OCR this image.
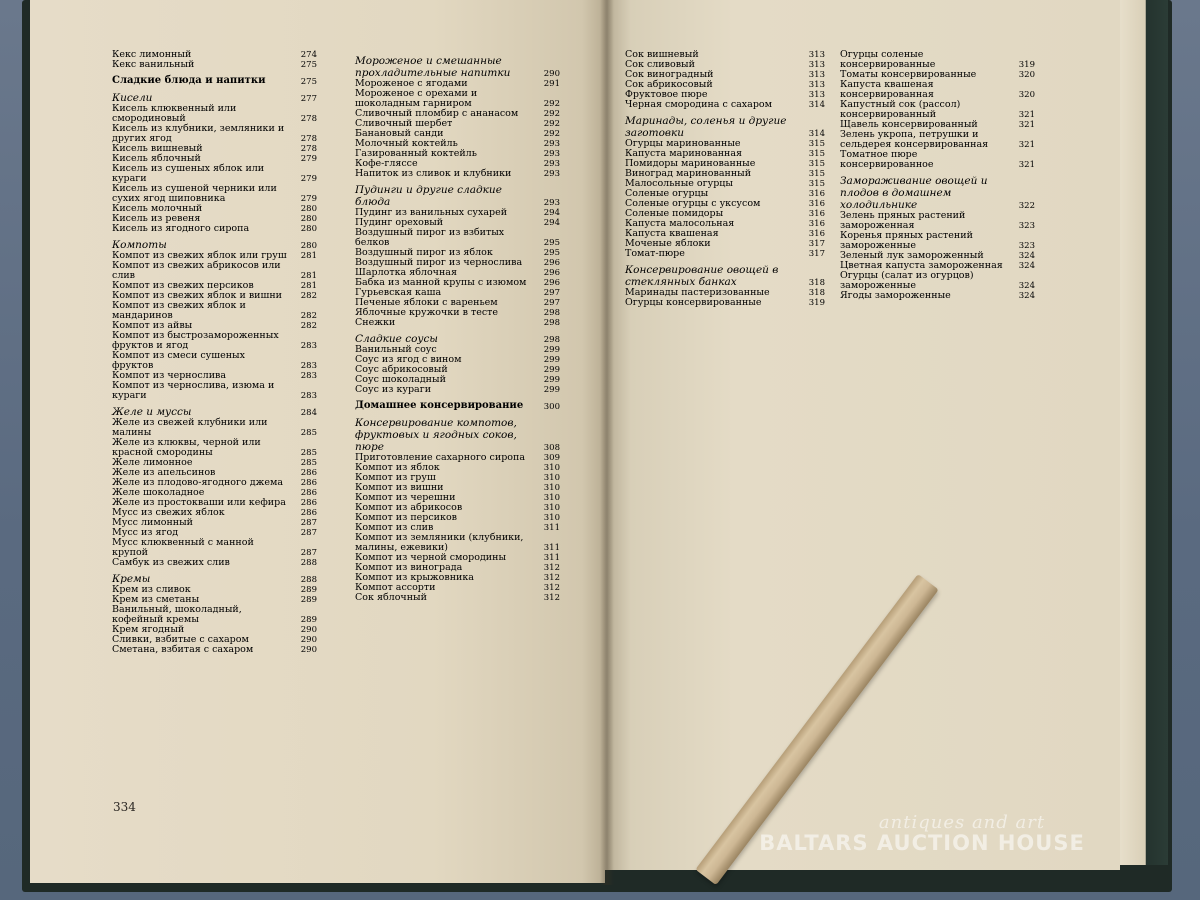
Кекс лимонный	274
Кекс ванильный	275
Сладкие блюда и напитки	275
Кисели	277
Кисель клюквенный или смородиновый	278
Кисель из клубники, земляники и других ягод	278
Кисель вишневый	278
Кисель яблочный	279
Кисель из сушеных яблок или кураги	279
Кисель из сушеной черники или сухих ягод шиповника	279
Кисель молочный	280
Кисель из ревеня	280
Кисель из ягодного сиропа	280
Компоты	280
Компот из свежих яблок или груш	281
Компот из свежих абрикосов или слив	281
Компот из свежих персиков	281
Компот из свежих яблок и вишни	282
Компот из свежих яблок и мандаринов	282
Компот из айвы	282
Компот из быстрозамороженных фруктов и ягод	283
Компот из смеси сушеных фруктов	283
Компот из чернослива	283
Компот из чернослива, изюма и кураги	283
Желе и муссы	284
Желе из свежей клубники или малины	285
Желе из клюквы, черной или красной смородины	285
Желе лимонное	285
Желе из апельсинов	286
Желе из плодово-ягодного джема	286
Желе шоколадное	286
Желе из простокваши или кефира	286
Мусс из свежих яблок	286
Мусс лимонный	287
Мусс из ягод	287
Мусс клюквенный с манной крупой	287
Самбук из свежих слив	288
Кремы	288
Крем из сливок	289
Крем из сметаны	289
Ванильный, шоколадный, кофейный кремы	289
Крем ягодный	290
Сливки, взбитые с сахаром	290
Сметана, взбитая с сахаром	290
Мороженое и смешанные прохладительные напитки	290
Мороженое с ягодами	291
Мороженое с орехами и шоколадным гарниром	292
Сливочный пломбир с ананасом	292
Сливочный шербет	292
Банановый санди	292
Молочный коктейль	293
Газированный коктейль	293
Кофе-гляссе	293
Напиток из сливок и клубники	293
Пудинги и другие сладкие блюда	293
Пудинг из ванильных сухарей	294
Пудинг ореховый	294
Воздушный пирог из взбитых белков	295
Воздушный пирог из яблок	295
Воздушный пирог из чернослива	296
Шарлотка яблочная	296
Бабка из манной крупы с изюмом	296
Гурьевская каша	297
Печеные яблоки с вареньем	297
Яблочные кружочки в тесте	298
Снежки	298
Сладкие соусы	298
Ванильный соус	299
Соус из ягод с вином	299
Соус абрикосовый	299
Соус шоколадный	299
Соус из кураги	299
Домашнее консервирование	300
Консервирование компотов, фруктовых и ягодных соков, пюре	308
Приготовление сахарного сиропа	309
Компот из яблок	310
Компот из груш	310
Компот из вишни	310
Компот из черешни	310
Компот из абрикосов	310
Компот из персиков	310
Компот из слив	311
Компот из земляники (клубники, малины, ежевики)	311
Компот из черной смородины	311
Компот из винограда	312
Компот из крыжовника	312
Компот ассорти	312
Сок яблочный	312
Сок вишневый	313
Сок сливовый	313
Сок виноградный	313
Сок абрикосовый	313
Фруктовое пюре	313
Черная смородина с сахаром	314
Маринады, соленья и другие заготовки	314
Огурцы маринованные	315
Капуста маринованная	315
Помидоры маринованные	315
Виноград маринованный	315
Малосольные огурцы	315
Соленые огурцы	316
Соленые огурцы с уксусом	316
Соленые помидоры	316
Капуста малосольная	316
Капуста квашеная	316
Моченые яблоки	317
Томат-пюре	317
Консервирование овощей в стеклянных банках	318
Маринады пастеризованные	318
Огурцы консервированные	319
Огурцы соленые консервированные	319
Томаты консервированные	320
Капуста квашеная консервированная	320
Капустный сок (рассол) консервированный	321
Щавель консервированный	321
Зелень укропа, петрушки и сельдерея консервированная	321
Томатное пюре консервированное	321
Замораживание овощей и плодов в домашнем холодильнике	322
Зелень пряных растений замороженная	323
Коренья пряных растений замороженные	323
Зеленый лук замороженный	324
Цветная капуста замороженная	324
Огурцы (салат из огурцов) замороженные	324
Ягоды замороженные	324
334
antiques and art
BALTARS AUCTION HOUSE
